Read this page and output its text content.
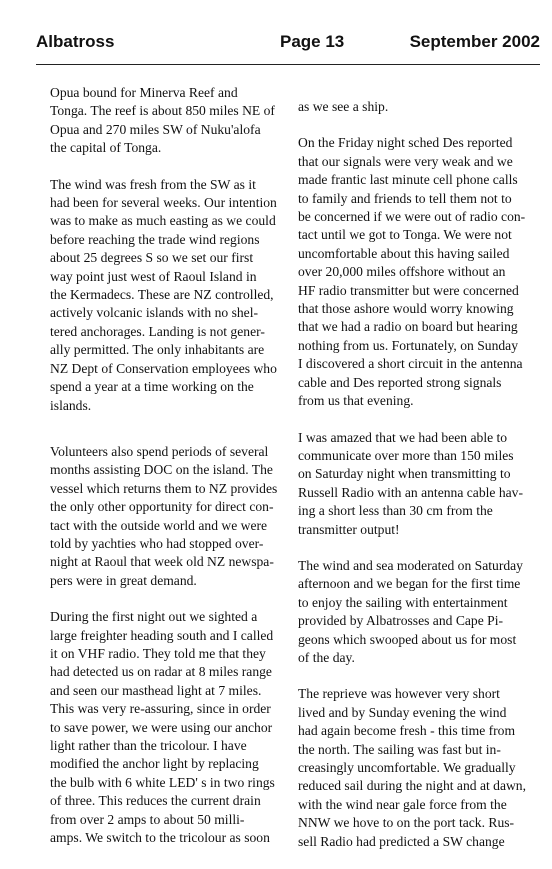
Albatross	Page 13	September 2002

Opua bound for Minerva Reef and
Tonga. The reef is about 850 miles NE of
Opua and 270 miles SW of Nuku'alofa
the capital of Tonga.

The wind was fresh from the SW as it
had been for several weeks. Our intention
was to make as much easting as we could
before reaching the trade wind regions
about 25 degrees S so we set our first
way point just west of Raoul Island in
the Kermadecs. These are NZ controlled,
actively volcanic islands with no shel-
tered anchorages. Landing is not gener-
ally permitted. The only inhabitants are
NZ Dept of Conservation employees who
spend a year at a time working on the
islands.

Volunteers also spend periods of several
months assisting DOC on the island. The
vessel which returns them to NZ provides
the only other opportunity for direct con-
tact with the outside world and we were
told by yachties who had stopped over-
night at Raoul that week old NZ newspa-
pers were in great demand.

During the first night out we sighted a
large freighter heading south and I called
it on VHF radio. They told me that they
had detected us on radar at 8 miles range
and seen our masthead light at 7 miles.
This was very re-assuring, since in order
to save power, we were using our anchor
light rather than the tricolour. I have
modified the anchor light by replacing
the bulb with 6 white LED' s in two rings
of three. This reduces the current drain
from over 2 amps to about 50 milli-
amps. We switch to the tricolour as soon

as we see a ship.

On the Friday night sched Des reported
that our signals were very weak and we
made frantic last minute cell phone calls
to family and friends to tell them not to
be concerned if we were out of radio con-
tact until we got to Tonga. We were not
uncomfortable about this having sailed
over 20,000 miles offshore without an
HF radio transmitter but were concerned
that those ashore would worry knowing
that we had a radio on board but hearing
nothing from us. Fortunately, on Sunday
I discovered a short circuit in the antenna
cable and Des reported strong signals
from us that evening.

I was amazed that we had been able to
communicate over more than 150 miles
on Saturday night when transmitting to
Russell Radio with an antenna cable hav-
ing a short less than 30 cm from the
transmitter output!

The wind and sea moderated on Saturday
afternoon and we began for the first time
to enjoy the sailing with entertainment
provided by Albatrosses and Cape Pi-
geons which swooped about us for most
of the day.

The reprieve was however very short
lived and by Sunday evening the wind
had again become fresh - this time from
the north. The sailing was fast but in-
creasingly uncomfortable. We gradually
reduced sail during the night and at dawn,
with the wind near gale force from the
NNW we hove to on the port tack. Rus-
sell Radio had predicted a SW change
